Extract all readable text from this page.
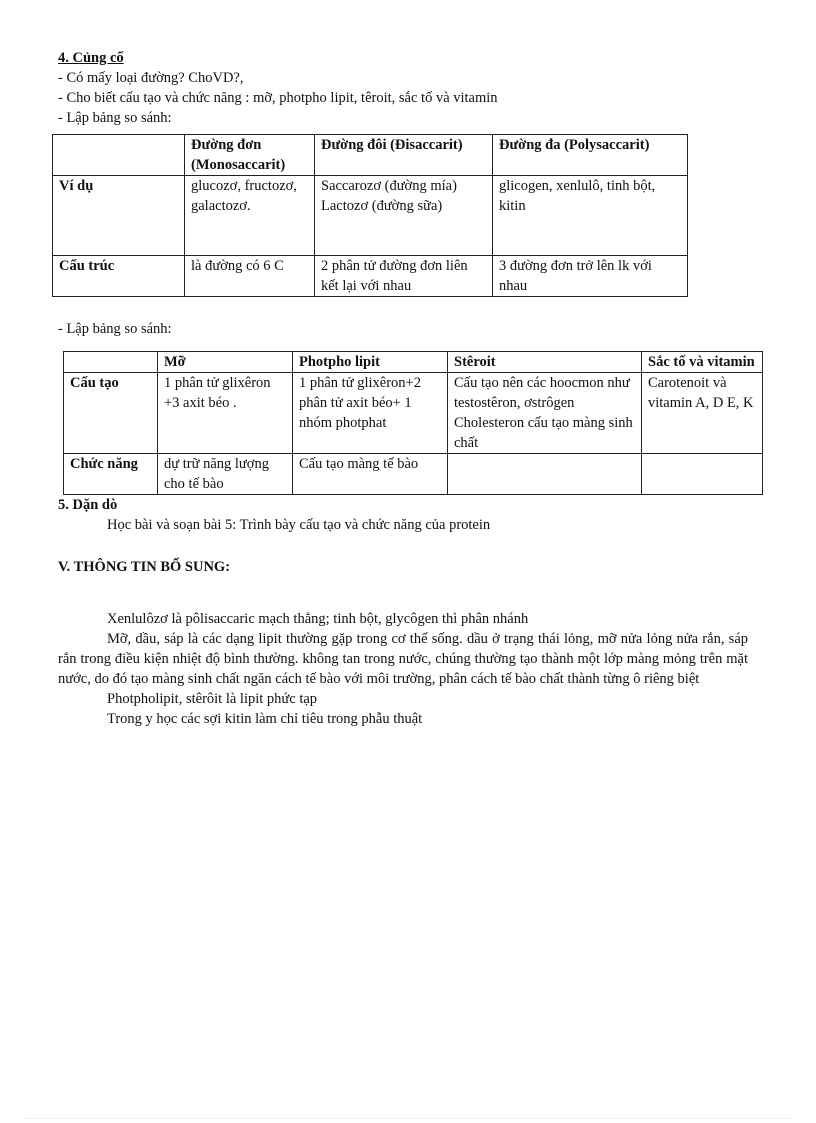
4. Củng cố
- Có mấy loại đường? ChoVD?,
- Cho biết cấu tạo và chức năng : mỡ, photpho lipit, têroit, sắc tố và vitamin
- Lập bảng so sánh:
	Đường đơn (Monosaccarit)	Đường đôi (Đisaccarit)	Đường đa (Polysaccarit)
Ví dụ	glucozơ, fructozơ, galactozơ.	Saccarozơ (đường mía) Lactozơ (đường sữa)	glicogen, xenlulô, tinh bột, kitin
Cấu trúc	là đường có 6 C	2 phân tử đường đơn liên kết lại với nhau	3 đường đơn trở lên lk với nhau
- Lập bảng so sánh:
	Mỡ	Photpho lipit	Stêroit	Sắc tố và vitamin
Cấu tạo	1 phân tử glixêron +3 axit béo .	1 phân tử glixêron+2 phân tử axit béo+ 1 nhóm photphat	Cấu tạo nên các hoocmon như testostêron, ơstrôgen Cholesteron cấu tạo màng sinh chất	Carotenoit và vitamin A, D E, K
Chức năng	dự trữ năng lượng cho tế bào	Cấu tạo màng tế bào		
5. Dặn dò
Học bài và soạn bài 5: Trình bày cấu tạo và chức năng của protein
V. THÔNG TIN BỔ SUNG:
Xenlulôzơ là pôlisaccaric mạch thẳng; tinh bột, glycôgen thì phân nhánh
Mỡ, dầu, sáp là các dạng lipit thường gặp trong cơ thể sống. dầu ở trạng thái lỏng, mỡ nửa lỏng nửa rắn, sáp rắn trong điều kiện nhiệt độ bình thường. không tan trong nước, chúng thường tạo thành một lớp màng mỏng trên mặt nước, do đó tạo màng sinh chất ngăn cách tế bào với môi trường, phân cách tế bào chất thành từng ô riêng biệt
Photpholipit, stêrôit là lipit phức tạp
Trong y học các sợi kitin làm chỉ tiêu trong phẫu thuật
